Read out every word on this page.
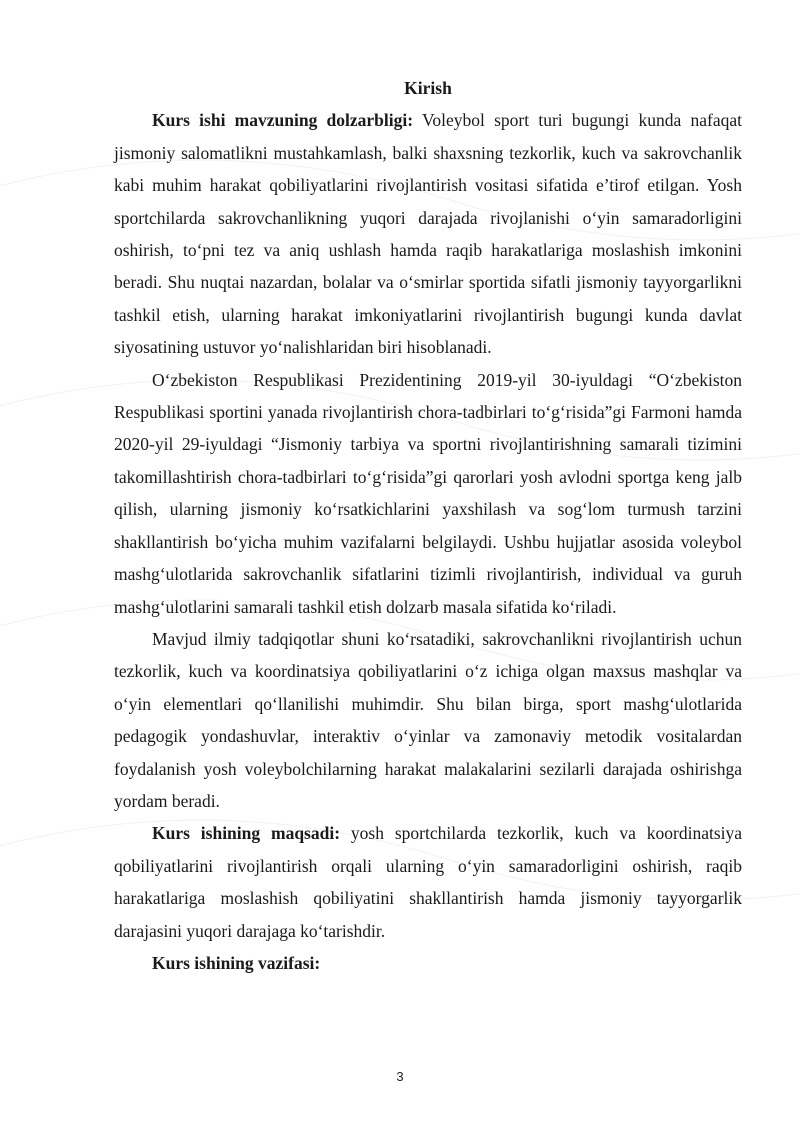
Kirish

Kurs ishi mavzuning dolzarbligi: Voleybol sport turi bugungi kunda nafaqat jismoniy salomatlikni mustahkamlash, balki shaxsning tezkorlik, kuch va sakrovchanlik kabi muhim harakat qobiliyatlarini rivojlantirish vositasi sifatida e’tirof etilgan. Yosh sportchilarda sakrovchanlikning yuqori darajada rivojlanishi o‘yin samaradorligini oshirish, to‘pni tez va aniq ushlash hamda raqib harakatlariga moslashish imkonini beradi. Shu nuqtai nazardan, bolalar va o‘smirlar sportida sifatli jismoniy tayyorgarlikni tashkil etish, ularning harakat imkoniyatlarini rivojlantirish bugungi kunda davlat siyosatining ustuvor yo‘nalishlaridan biri hisoblanadi.

O‘zbekiston Respublikasi Prezidentining 2019-yil 30-iyuldagi “O‘zbekiston Respublikasi sportini yanada rivojlantirish chora-tadbirlari to‘g‘risida”gi Farmoni hamda 2020-yil 29-iyuldagi “Jismoniy tarbiya va sportni rivojlantirishning samarali tizimini takomillashtirish chora-tadbirlari to‘g‘risida”gi qarorlari yosh avlodni sportga keng jalb qilish, ularning jismoniy ko‘rsatkichlarini yaxshilash va sog‘lom turmush tarzini shakllantirish bo‘yicha muhim vazifalarni belgilaydi. Ushbu hujjatlar asosida voleybol mashg‘ulotlarida sakrovchanlik sifatlarini tizimli rivojlantirish, individual va guruh mashg‘ulotlarini samarali tashkil etish dolzarb masala sifatida ko‘riladi.

Mavjud ilmiy tadqiqotlar shuni ko‘rsatadiki, sakrovchanlikni rivojlantirish uchun tezkorlik, kuch va koordinatsiya qobiliyatlarini o‘z ichiga olgan maxsus mashqlar va o‘yin elementlari qo‘llanilishi muhimdir. Shu bilan birga, sport mashg‘ulotlarida pedagogik yondashuvlar, interaktiv o‘yinlar va zamonaviy metodik vositalardan foydalanish yosh voleybolchilarning harakat malakalarini sezilarli darajada oshirishga yordam beradi.

Kurs ishining maqsadi: yosh sportchilarda tezkorlik, kuch va koordinatsiya qobiliyatlarini rivojlantirish orqali ularning o‘yin samaradorligini oshirish, raqib harakatlariga moslashish qobiliyatini shakllantirish hamda jismoniy tayyorgarlik darajasini yuqori darajaga ko‘tarishdir.

Kurs ishining vazifasi:

3
